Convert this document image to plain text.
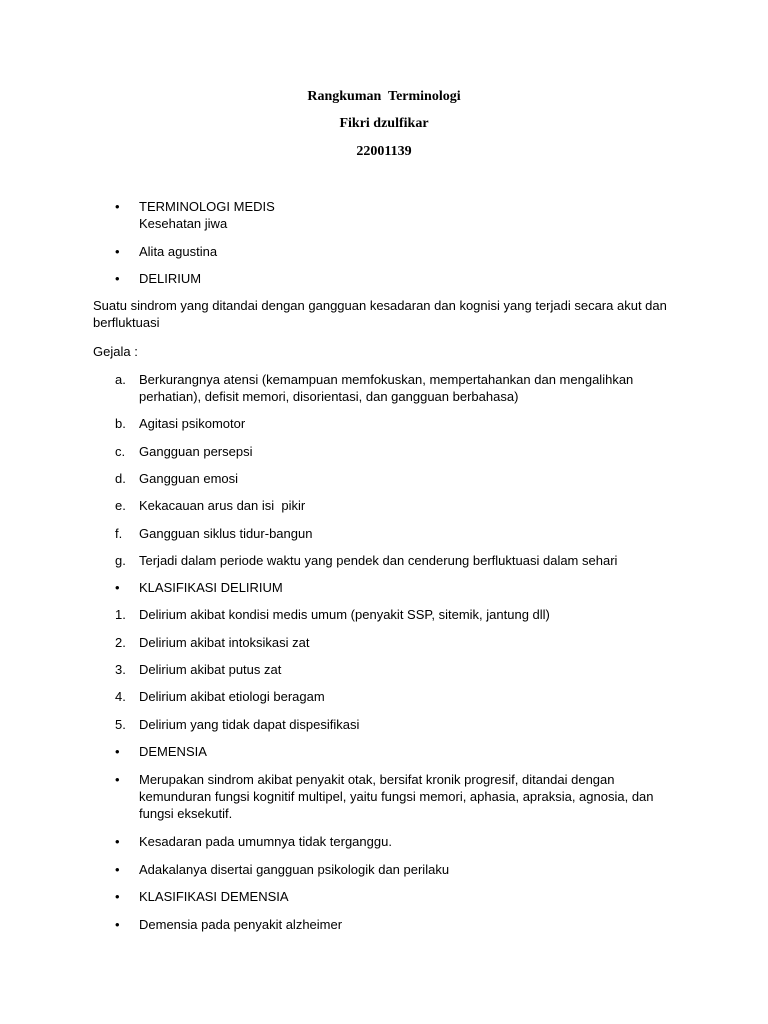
Rangkuman  Terminologi
Fikri dzulfikar
22001139
• TERMINOLOGI MEDIS
Kesehatan jiwa
• Alita agustina
• DELIRIUM
Suatu sindrom yang ditandai dengan gangguan kesadaran dan kognisi yang terjadi secara akut dan
berfluktuasi
Gejala :
a. Berkurangnya atensi (kemampuan memfokuskan, mempertahankan dan mengalihkan
perhatian), defisit memori, disorientasi, dan gangguan berbahasa)
b. Agitasi psikomotor
c. Gangguan persepsi
d. Gangguan emosi
e. Kekacauan arus dan isi  pikir
f. Gangguan siklus tidur-bangun
g. Terjadi dalam periode waktu yang pendek dan cenderung berfluktuasi dalam sehari
• KLASIFIKASI DELIRIUM
1. Delirium akibat kondisi medis umum (penyakit SSP, sitemik, jantung dll)
2. Delirium akibat intoksikasi zat
3. Delirium akibat putus zat
4. Delirium akibat etiologi beragam
5. Delirium yang tidak dapat dispesifikasi
• DEMENSIA
• Merupakan sindrom akibat penyakit otak, bersifat kronik progresif, ditandai dengan
kemunduran fungsi kognitif multipel, yaitu fungsi memori, aphasia, apraksia, agnosia, dan
fungsi eksekutif.
• Kesadaran pada umumnya tidak terganggu.
• Adakalanya disertai gangguan psikologik dan perilaku
• KLASIFIKASI DEMENSIA
• Demensia pada penyakit alzheimer
